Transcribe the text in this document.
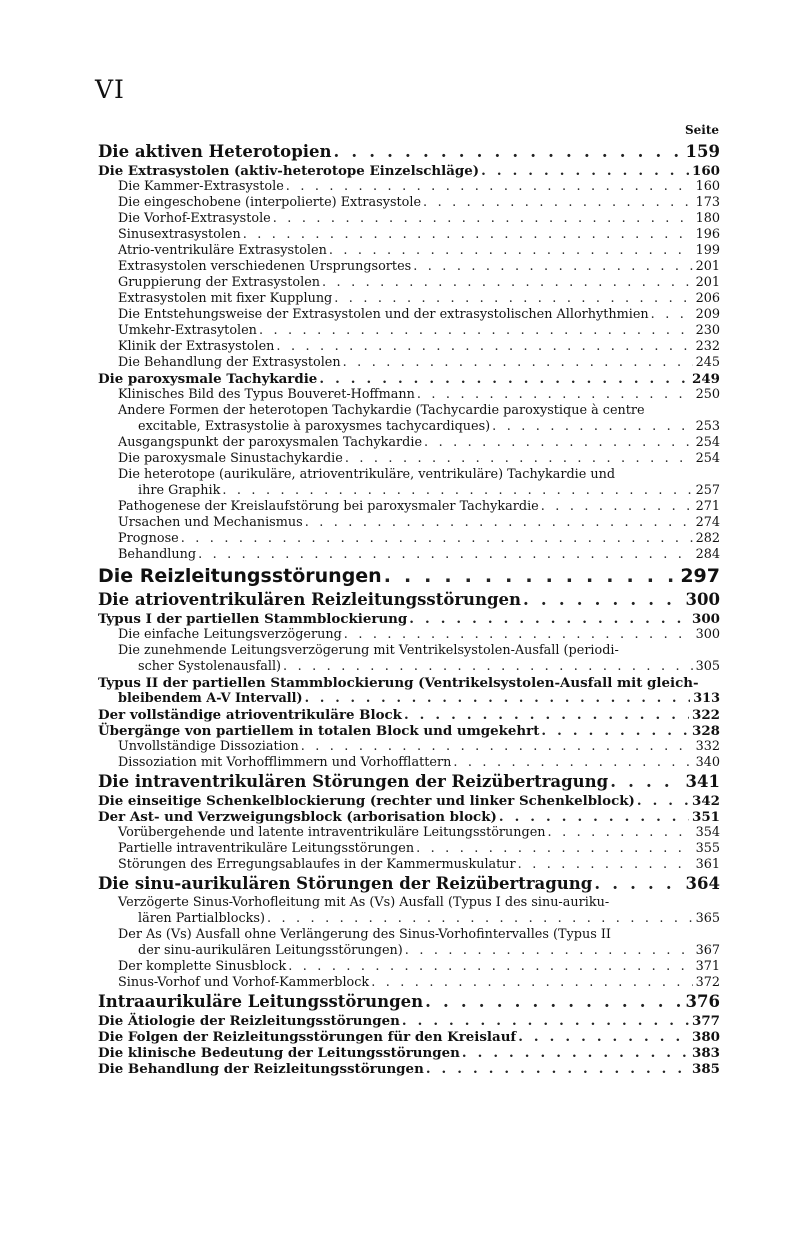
VI
Seite
Die aktiven Heterotopien . . .	159
Die Extrasystolen (aktiv-heterotope Einzelschläge) . . .	160
Die Kammer-Extrasystole . . .	160
Die eingeschobene (interpolierte) Extrasystole . . .	173
Die Vorhof-Extrasystole . . .	180
Sinusextrasystolen . . .	196
Atrio-ventrikuläre Extrasystolen . . .	199
Extrasystolen verschiedenen Ursprungsortes . . .	201
Gruppierung der Extrasystolen . . .	201
Extrasystolen mit fixer Kupplung . . .	206
Die Entstehungsweise der Extrasystolen und der extrasystolischen Allorhythmien . . .	209
Umkehr-Extrasytolen . . .	230
Klinik der Extrasystolen . . .	232
Die Behandlung der Extrasystolen . . .	245
Die paroxysmale Tachykardie . . .	249
Klinisches Bild des Typus Bouveret-Hoffmann . . .	250
Andere Formen der heterotopen Tachykardie (Tachycardie paroxystique à centre
excitable, Extrasystolie à paroxysmes tachycardiques) . . .	253
Ausgangspunkt der paroxysmalen Tachykardie . . .	254
Die paroxysmale Sinustachykardie . . .	254
Die heterotope (aurikuläre, atrioventrikuläre, ventrikuläre) Tachykardie und
ihre Graphik . . .	257
Pathogenese der Kreislaufstörung bei paroxysmaler Tachykardie . . .	271
Ursachen und Mechanismus . . .	274
Prognose . . .	282
Behandlung . . .	284
Die Reizleitungsstörungen . . .	297
Die atrioventrikulären Reizleitungsstörungen . . .	300
Typus I der partiellen Stammblockierung . . .	300
Die einfache Leitungsverzögerung . . .	300
Die zunehmende Leitungsverzögerung mit Ventrikelsystolen-Ausfall (periodi-
scher Systolenausfall) . . .	305
Typus II der partiellen Stammblockierung (Ventrikelsystolen-Ausfall mit gleich-
bleibendem A-V Intervall) . . .	313
Der vollständige atrioventrikuläre Block . . .	322
Übergänge von partiellem in totalen Block und umgekehrt . . .	328
Unvollständige Dissoziation . . .	332
Dissoziation mit Vorhofflimmern und Vorhofflattern . . .	340
Die intraventrikulären Störungen der Reizübertragung . . .	341
Die einseitige Schenkelblockierung (rechter und linker Schenkelblock) . . .	342
Der Ast- und Verzweigungsblock (arborisation block) . . .	351
Vorübergehende und latente intraventrikuläre Leitungsstörungen . . .	354
Partielle intraventrikuläre Leitungsstörungen . . .	355
Störungen des Erregungsablaufes in der Kammermuskulatur . . .	361
Die sinu-aurikulären Störungen der Reizübertragung . . .	364
Verzögerte Sinus-Vorhofleitung mit As (Vs) Ausfall (Typus I des sinu-auriku-
lären Partialblocks) . . .	365
Der As (Vs) Ausfall ohne Verlängerung des Sinus-Vorhofintervalles (Typus II
der sinu-aurikulären Leitungsstörungen) . . .	367
Der komplette Sinusblock . . .	371
Sinus-Vorhof und Vorhof-Kammerblock . . .	372
Intraaurikuläre Leitungsstörungen . . .	376
Die Ätiologie der Reizleitungsstörungen . . .	377
Die Folgen der Reizleitungsstörungen für den Kreislauf . . .	380
Die klinische Bedeutung der Leitungsstörungen . . .	383
Die Behandlung der Reizleitungsstörungen . . .	385
